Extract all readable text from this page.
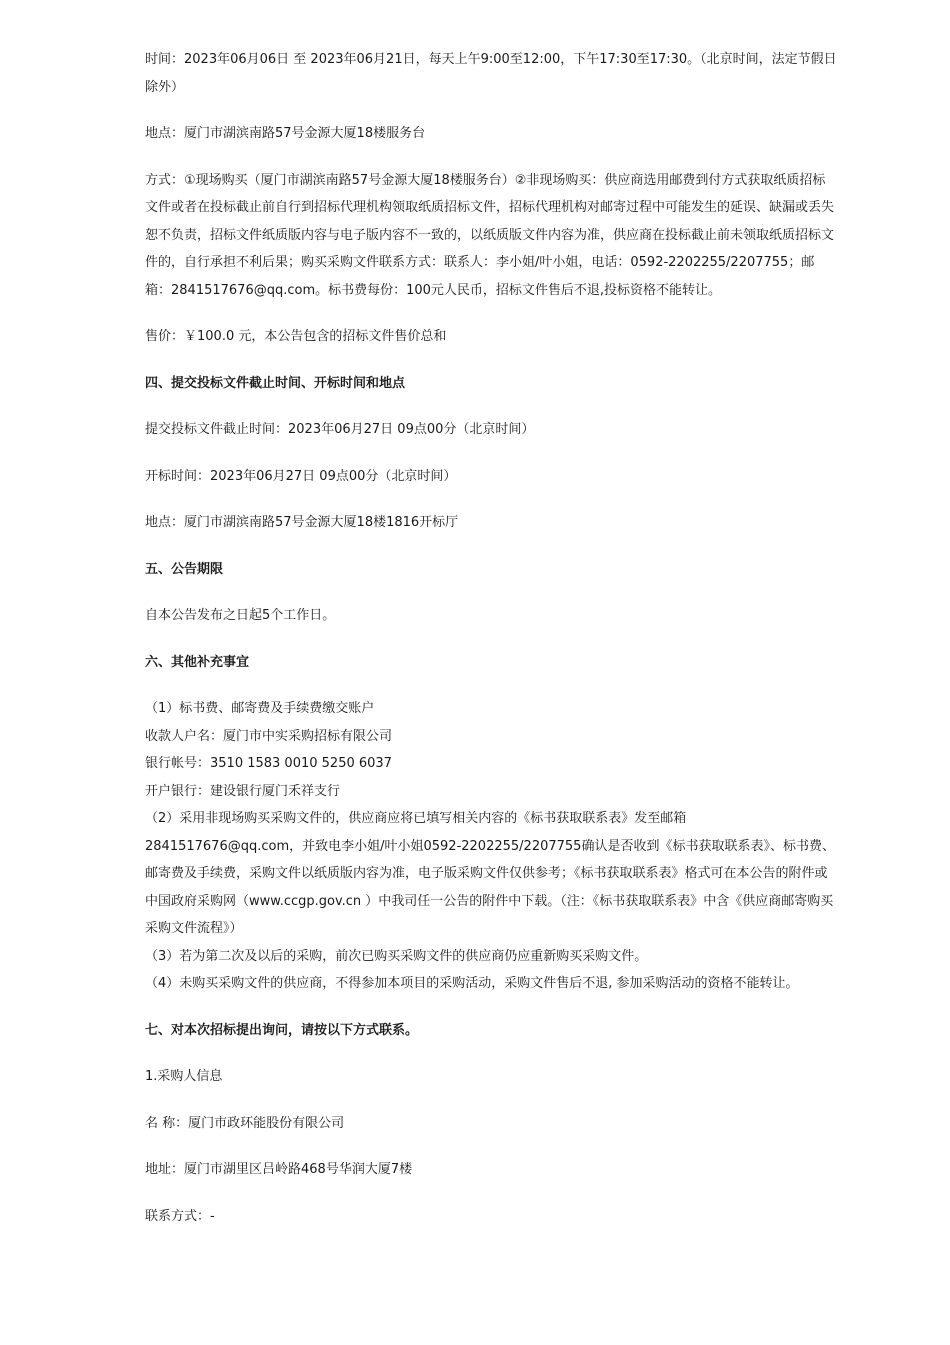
时间：2023年06月06日 至 2023年06月21日，每天上午9:00至12:00，下午17:30至17:30。（北京时间，法定节假日除外）

地点：厦门市湖滨南路57号金源大厦18楼服务台

方式：①现场购买（厦门市湖滨南路57号金源大厦18楼服务台）②非现场购买：供应商选用邮费到付方式获取纸质招标文件或者在投标截止前自行到招标代理机构领取纸质招标文件，招标代理机构对邮寄过程中可能发生的延误、缺漏或丢失恕不负责，招标文件纸质版内容与电子版内容不一致的，以纸质版文件内容为准，供应商在投标截止前未领取纸质招标文件的，自行承担不利后果；购买采购文件联系方式：联系人：李小姐/叶小姐，电话：0592-2202255/2207755；邮箱：2841517676@qq.com。标书费每份：100元人民币，招标文件售后不退,投标资格不能转让。

售价：￥100.0 元，本公告包含的招标文件售价总和

四、提交投标文件截止时间、开标时间和地点

提交投标文件截止时间：2023年06月27日 09点00分（北京时间）

开标时间：2023年06月27日 09点00分（北京时间）

地点：厦门市湖滨南路57号金源大厦18楼1816开标厅

五、公告期限

自本公告发布之日起5个工作日。

六、其他补充事宜

（1）标书费、邮寄费及手续费缴交账户

收款人户名：厦门市中实采购招标有限公司

银行帐号：3510 1583 0010 5250 6037

开户银行：建设银行厦门禾祥支行

（2）采用非现场购买采购文件的，供应商应将已填写相关内容的《标书获取联系表》发至邮箱2841517676@qq.com，并致电李小姐/叶小姐0592-2202255/2207755确认是否收到《标书获取联系表》、标书费、邮寄费及手续费，采购文件以纸质版内容为准，电子版采购文件仅供参考；《标书获取联系表》格式可在本公告的附件或中国政府采购网（www.ccgp.gov.cn ）中我司任一公告的附件中下载。（注：《标书获取联系表》中含《供应商邮寄购买采购文件流程》）

（3）若为第二次及以后的采购，前次已购买采购文件的供应商仍应重新购买采购文件。

（4）未购买采购文件的供应商，不得参加本项目的采购活动，采购文件售后不退, 参加采购活动的资格不能转让。

七、对本次招标提出询问，请按以下方式联系。

1.采购人信息

名 称：厦门市政环能股份有限公司

地址：厦门市湖里区吕岭路468号华润大厦7楼

联系方式：-
